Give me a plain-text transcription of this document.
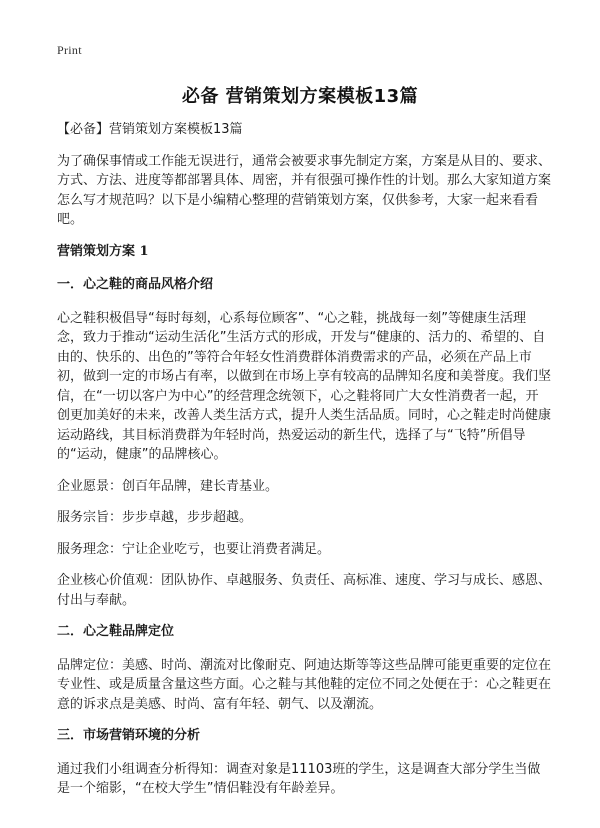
Print
必备 营销策划方案模板13篇

【必备】营销策划方案模板13篇

为了确保事情或工作能无误进行，通常会被要求事先制定方案，方案是从目的、要求、方式、方法、进度等都部署具体、周密，并有很强可操作性的计划。那么大家知道方案怎么写才规范吗？以下是小编精心整理的营销策划方案，仅供参考，大家一起来看看吧。

营销策划方案 1

一．心之鞋的商品风格介绍

心之鞋积极倡导“每时每刻，心系每位顾客”、“心之鞋，挑战每一刻”等健康生活理念，致力于推动“运动生活化”生活方式的形成，开发与“健康的、活力的、希望的、自由的、快乐的、出色的”等符合年轻女性消费群体消费需求的产品，必须在产品上市初，做到一定的市场占有率，以做到在市场上享有较高的品牌知名度和美誉度。我们坚信，在“一切以客户为中心”的经营理念统领下，心之鞋将同广大女性消费者一起，开创更加美好的未来，改善人类生活方式，提升人类生活品质。同时，心之鞋走时尚健康运动路线，其目标消费群为年轻时尚，热爱运动的新生代，选择了与“飞特”所倡导的“运动，健康”的品牌核心。

企业愿景：创百年品牌，建长青基业。

服务宗旨：步步卓越，步步超越。

服务理念：宁让企业吃亏，也要让消费者满足。

企业核心价值观：团队协作、卓越服务、负责任、高标准、速度、学习与成长、感恩、付出与奉献。

二．心之鞋品牌定位

品牌定位：美感、时尚、潮流对比像耐克、阿迪达斯等等这些品牌可能更重要的定位在专业性、或是质量含量这些方面。心之鞋与其他鞋的定位不同之处便在于：心之鞋更在意的诉求点是美感、时尚、富有年轻、朝气、以及潮流。

三．市场营销环境的分析

通过我们小组调查分析得知：调查对象是11103班的学生，这是调查大部分学生当做是一个缩影，“在校大学生”情侣鞋没有年龄差异。
